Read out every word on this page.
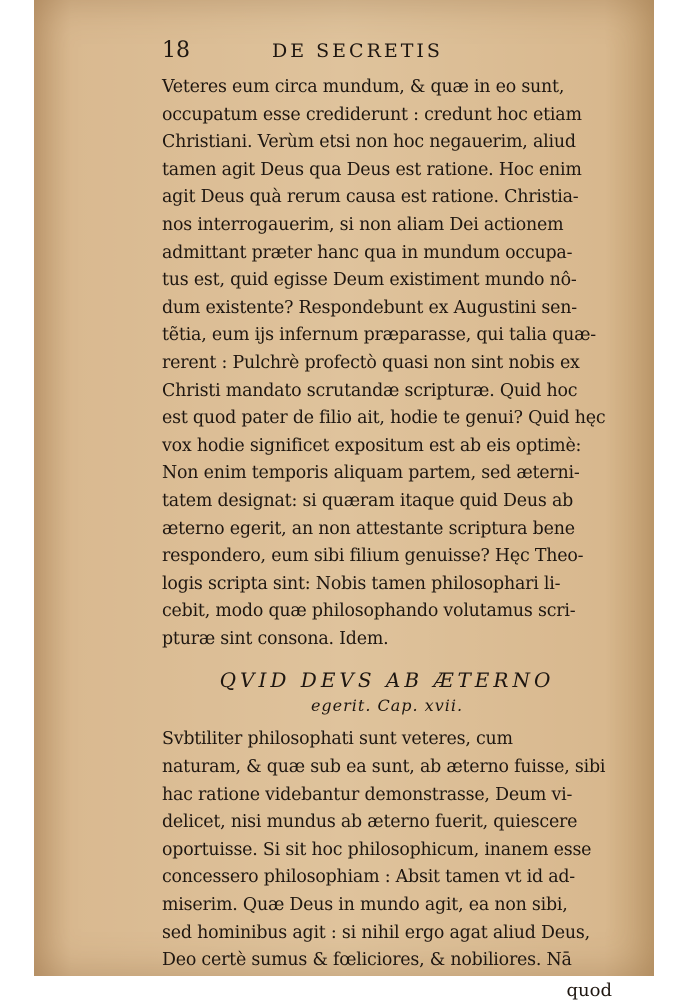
18	DE SECRETIS
Veteres eum circa mundum, & quæ in eo sunt,
occupatum esse crediderunt : credunt hoc etiam
Christiani. Verùm etsi non hoc negauerim, aliud
tamen agit Deus qua Deus est ratione. Hoc enim
agit Deus quà rerum causa est ratione. Christia-
nos interrogauerim, si non aliam Dei actionem
admittant præter hanc qua in mundum occupa-
tus est, quid egisse Deum existiment mundo nô-
dum existente? Respondebunt ex Augustini sen-
tẽtia, eum ijs infernum præparasse, qui talia quæ-
rerent : Pulchrè profectò quasi non sint nobis ex
Christi mandato scrutandæ scripturæ. Quid hoc
est quod pater de filio ait, hodie te genui? Quid hęc
vox hodie significet expositum est ab eis optimè:
Non enim temporis aliquam partem, sed æterni-
tatem designat: si quæram itaque quid Deus ab
æterno egerit, an non attestante scriptura bene
respondero, eum sibi filium genuisse? Hęc Theo-
logis scripta sint: Nobis tamen philosophari li-
cebit, modo quæ philosophando volutamus scri-
pturæ sint consona. Idem.
QVID DEVS AB ÆTERNO
egerit. Cap. xvii.
Svbtiliter philosophati sunt veteres, cum
naturam, & quæ sub ea sunt, ab æterno fuisse, sibi
hac ratione videbantur demonstrasse, Deum vi-
delicet, nisi mundus ab æterno fuerit, quiescere
oportuisse. Si sit hoc philosophicum, inanem esse
concessero philosophiam : Absit tamen vt id ad-
miserim. Quæ Deus in mundo agit, ea non sibi,
sed hominibus agit : si nihil ergo agat aliud Deus,
Deo certè sumus & fœliciores, & nobiliores. Nā
quod
